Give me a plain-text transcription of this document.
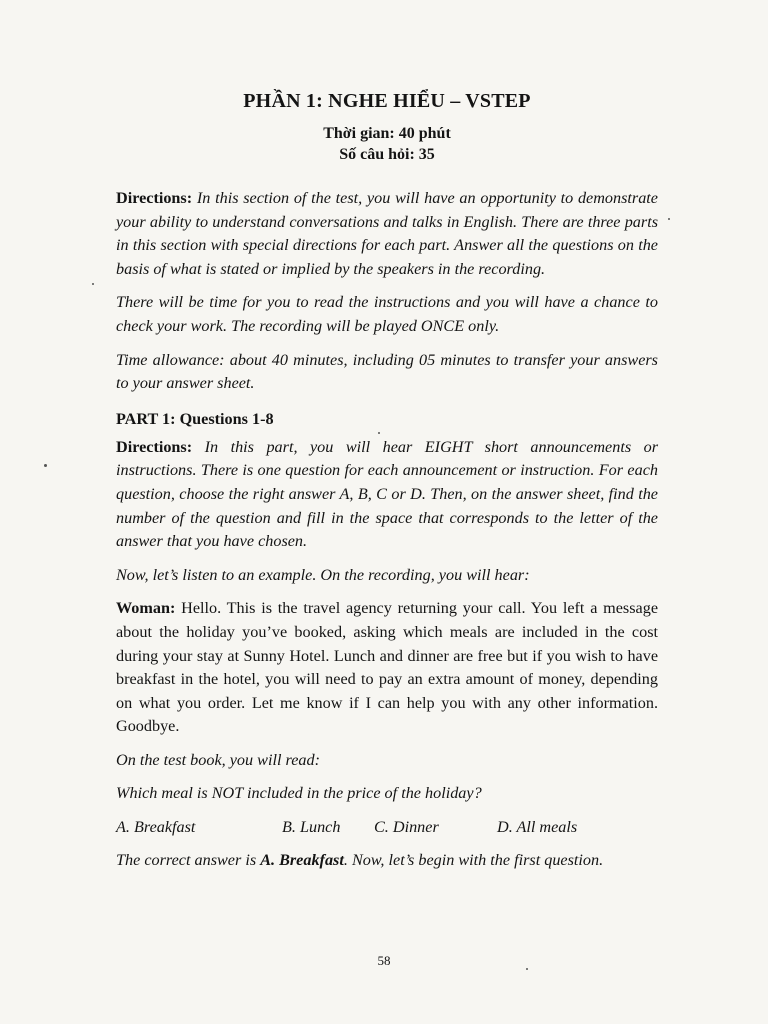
PHẦN 1: NGHE HIỂU – VSTEP
Thời gian: 40 phút
Số câu hỏi: 35
Directions: In this section of the test, you will have an opportunity to demonstrate your ability to understand conversations and talks in English. There are three parts in this section with special directions for each part. Answer all the questions on the basis of what is stated or implied by the speakers in the recording.
There will be time for you to read the instructions and you will have a chance to check your work. The recording will be played ONCE only.
Time allowance: about 40 minutes, including 05 minutes to transfer your answers to your answer sheet.
PART 1: Questions 1-8
Directions: In this part, you will hear EIGHT short announcements or instructions. There is one question for each announcement or instruction. For each question, choose the right answer A, B, C or D. Then, on the answer sheet, find the number of the question and fill in the space that corresponds to the letter of the answer that you have chosen.
Now, let’s listen to an example. On the recording, you will hear:
Woman: Hello. This is the travel agency returning your call. You left a message about the holiday you’ve booked, asking which meals are included in the cost during your stay at Sunny Hotel. Lunch and dinner are free but if you wish to have breakfast in the hotel, you will need to pay an extra amount of money, depending on what you order. Let me know if I can help you with any other information. Goodbye.
On the test book, you will read:
Which meal is NOT included in the price of the holiday?
A. Breakfast	B. Lunch	C. Dinner	D. All meals
The correct answer is A. Breakfast. Now, let’s begin with the first question.
58
